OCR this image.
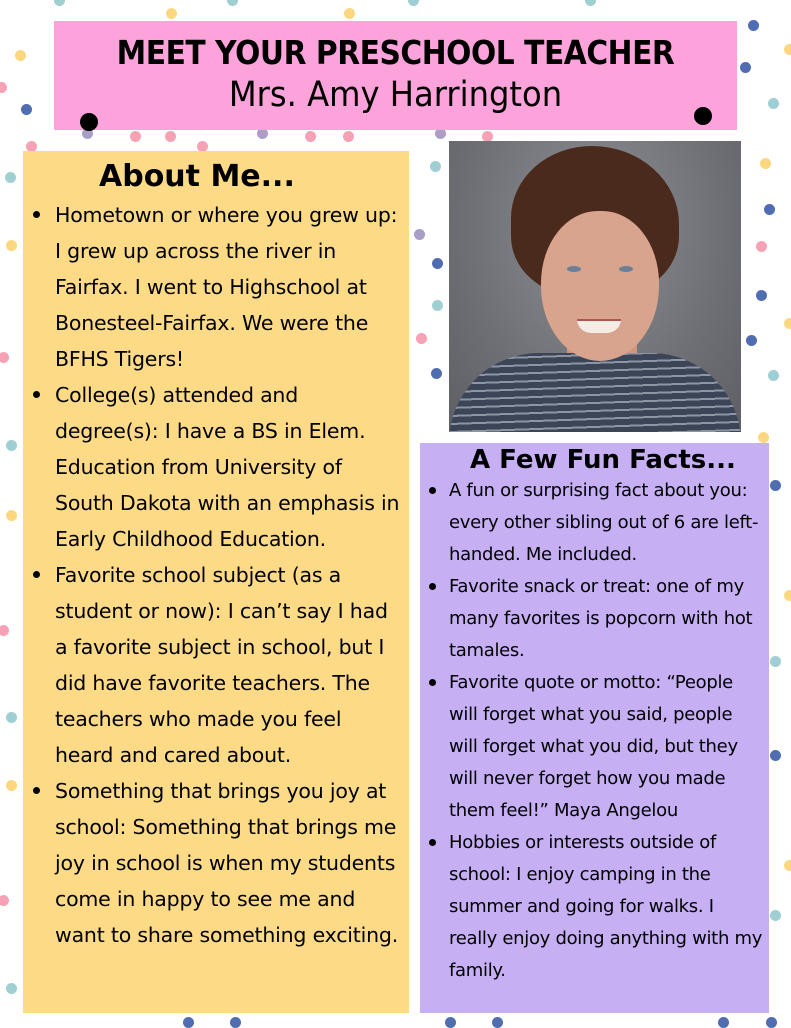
MEET YOUR PRESCHOOL TEACHER
Mrs. Amy Harrington
About Me...
Hometown or where you grew up: I grew up across the river in Fairfax. I went to Highschool at Bonesteel-Fairfax. We were the BFHS Tigers!
College(s) attended and degree(s): I have a BS in Elem. Education from University of South Dakota with an emphasis in Early Childhood Education.
Favorite school subject (as a student or now): I can’t say I had a favorite subject in school, but I did have favorite teachers. The teachers who made you feel heard and cared about.
Something that brings you joy at school: Something that brings me joy in school is when my students come in happy to see me and want to share something exciting.
A Few Fun Facts...
A fun or surprising fact about you: every other sibling out of 6 are left-handed. Me included.
Favorite snack or treat: one of my many favorites is popcorn with hot tamales.
Favorite quote or motto: “People will forget what you said, people will forget what you did, but they will never forget how you made them feel!” Maya Angelou
Hobbies or interests outside of school: I enjoy camping in the summer and going for walks. I really enjoy doing anything with my family.
